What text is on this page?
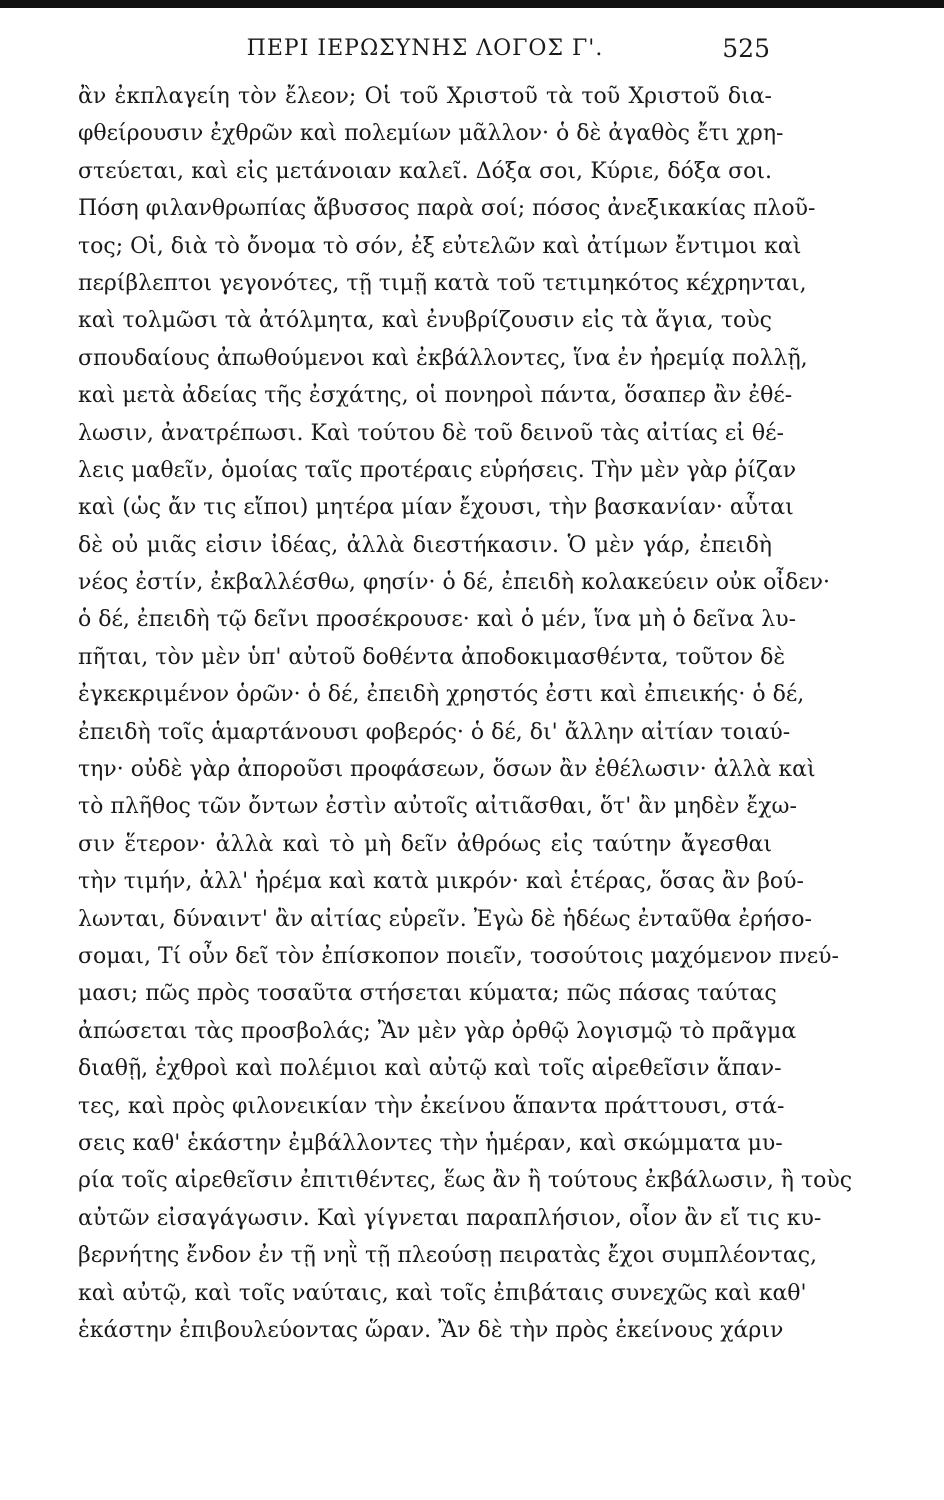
ΠΕΡΙ ΙΕΡΩΣΥΝΗΣ ΛΟΓΟΣ Γ'.	525
ἂν ἐκπλαγείη τὸν ἔλεον; Οἱ τοῦ Χριστοῦ τὰ τοῦ Χριστοῦ δια-
φθείρουσιν ἐχθρῶν καὶ πολεμίων μᾶλλον· ὁ δὲ ἀγαθὸς ἔτι χρη-
στεύεται, καὶ εἰς μετάνοιαν καλεῖ. Δόξα σοι, Κύριε, δόξα σοι.
Πόση φιλανθρωπίας ἄβυσσος παρὰ σοί; πόσος ἀνεξικακίας πλοῦ-
τος; Οἱ, διὰ τὸ ὄνομα τὸ σόν, ἐξ εὐτελῶν καὶ ἀτίμων ἔντιμοι καὶ
περίβλεπτοι γεγονότες, τῇ τιμῇ κατὰ τοῦ τετιμηκότος κέχρηνται,
καὶ τολμῶσι τὰ ἀτόλμητα, καὶ ἐνυβρίζουσιν εἰς τὰ ἅγια, τοὺς
σπουδαίους ἀπωθούμενοι καὶ ἐκβάλλοντες, ἵνα ἐν ἠρεμίᾳ πολλῇ,
καὶ μετὰ ἀδείας τῆς ἐσχάτης, οἱ πονηροὶ πάντα, ὅσαπερ ἂν ἐθέ-
λωσιν, ἀνατρέπωσι. Καὶ τούτου δὲ τοῦ δεινοῦ τὰς αἰτίας εἰ θέ-
λεις μαθεῖν, ὁμοίας ταῖς προτέραις εὑρήσεις. Τὴν μὲν γὰρ ῥίζαν
καὶ (ὡς ἄν τις εἴποι) μητέρα μίαν ἔχουσι, τὴν βασκανίαν· αὗται
δὲ οὐ μιᾶς εἰσιν ἰδέας, ἀλλὰ διεστήκασιν. Ὁ μὲν γάρ, ἐπειδὴ
νέος ἐστίν, ἐκβαλλέσθω, φησίν· ὁ δέ, ἐπειδὴ κολακεύειν οὐκ οἶδεν·
ὁ δέ, ἐπειδὴ τῷ δεῖνι προσέκρουσε· καὶ ὁ μέν, ἵνα μὴ ὁ δεῖνα λυ-
πῆται, τὸν μὲν ὑπ' αὐτοῦ δοθέντα ἀποδοκιμασθέντα, τοῦτον δὲ
ἐγκεκριμένον ὁρῶν· ὁ δέ, ἐπειδὴ χρηστός ἐστι καὶ ἐπιεικής· ὁ δέ,
ἐπειδὴ τοῖς ἁμαρτάνουσι φοβερός· ὁ δέ, δι' ἄλλην αἰτίαν τοιαύ-
την· οὐδὲ γὰρ ἀποροῦσι προφάσεων, ὅσων ἂν ἐθέλωσιν· ἀλλὰ καὶ
τὸ πλῆθος τῶν ὄντων ἐστὶν αὐτοῖς αἰτιᾶσθαι, ὅτ' ἂν μηδὲν ἔχω-
σιν ἕτερον· ἀλλὰ καὶ τὸ μὴ δεῖν ἀθρόως εἰς ταύτην ἄγεσθαι
τὴν τιμήν, ἀλλ' ἠρέμα καὶ κατὰ μικρόν· καὶ ἑτέρας, ὅσας ἂν βού-
λωνται, δύναιντ' ἂν αἰτίας εὑρεῖν. Ἐγὼ δὲ ἡδέως ἐνταῦθα ἐρήσο-
σομαι, Τί οὖν δεῖ τὸν ἐπίσκοπον ποιεῖν, τοσούτοις μαχόμενον πνεύ-
μασι; πῶς πρὸς τοσαῦτα στήσεται κύματα; πῶς πάσας ταύτας
ἀπώσεται τὰς προσβολάς; Ἂν μὲν γὰρ ὀρθῷ λογισμῷ τὸ πρᾶγμα
διαθῇ, ἐχθροὶ καὶ πολέμιοι καὶ αὐτῷ καὶ τοῖς αἱρεθεῖσιν ἅπαν-
τες, καὶ πρὸς φιλονεικίαν τὴν ἐκείνου ἅπαντα πράττουσι, στά-
σεις καθ' ἑκάστην ἐμβάλλοντες τὴν ἡμέραν, καὶ σκώμματα μυ-
ρία τοῖς αἱρεθεῖσιν ἐπιτιθέντες, ἕως ἂν ἢ τούτους ἐκβάλωσιν, ἢ τοὺς
αὐτῶν εἰσαγάγωσιν. Καὶ γίγνεται παραπλήσιον, οἷον ἂν εἴ τις κυ-
βερνήτης ἔνδον ἐν τῇ νηῒ τῇ πλεούσῃ πειρατὰς ἔχοι συμπλέοντας,
καὶ αὐτῷ, καὶ τοῖς ναύταις, καὶ τοῖς ἐπιβάταις συνεχῶς καὶ καθ'
ἑκάστην ἐπιβουλεύοντας ὥραν. Ἂν δὲ τὴν πρὸς ἐκείνους χάριν
